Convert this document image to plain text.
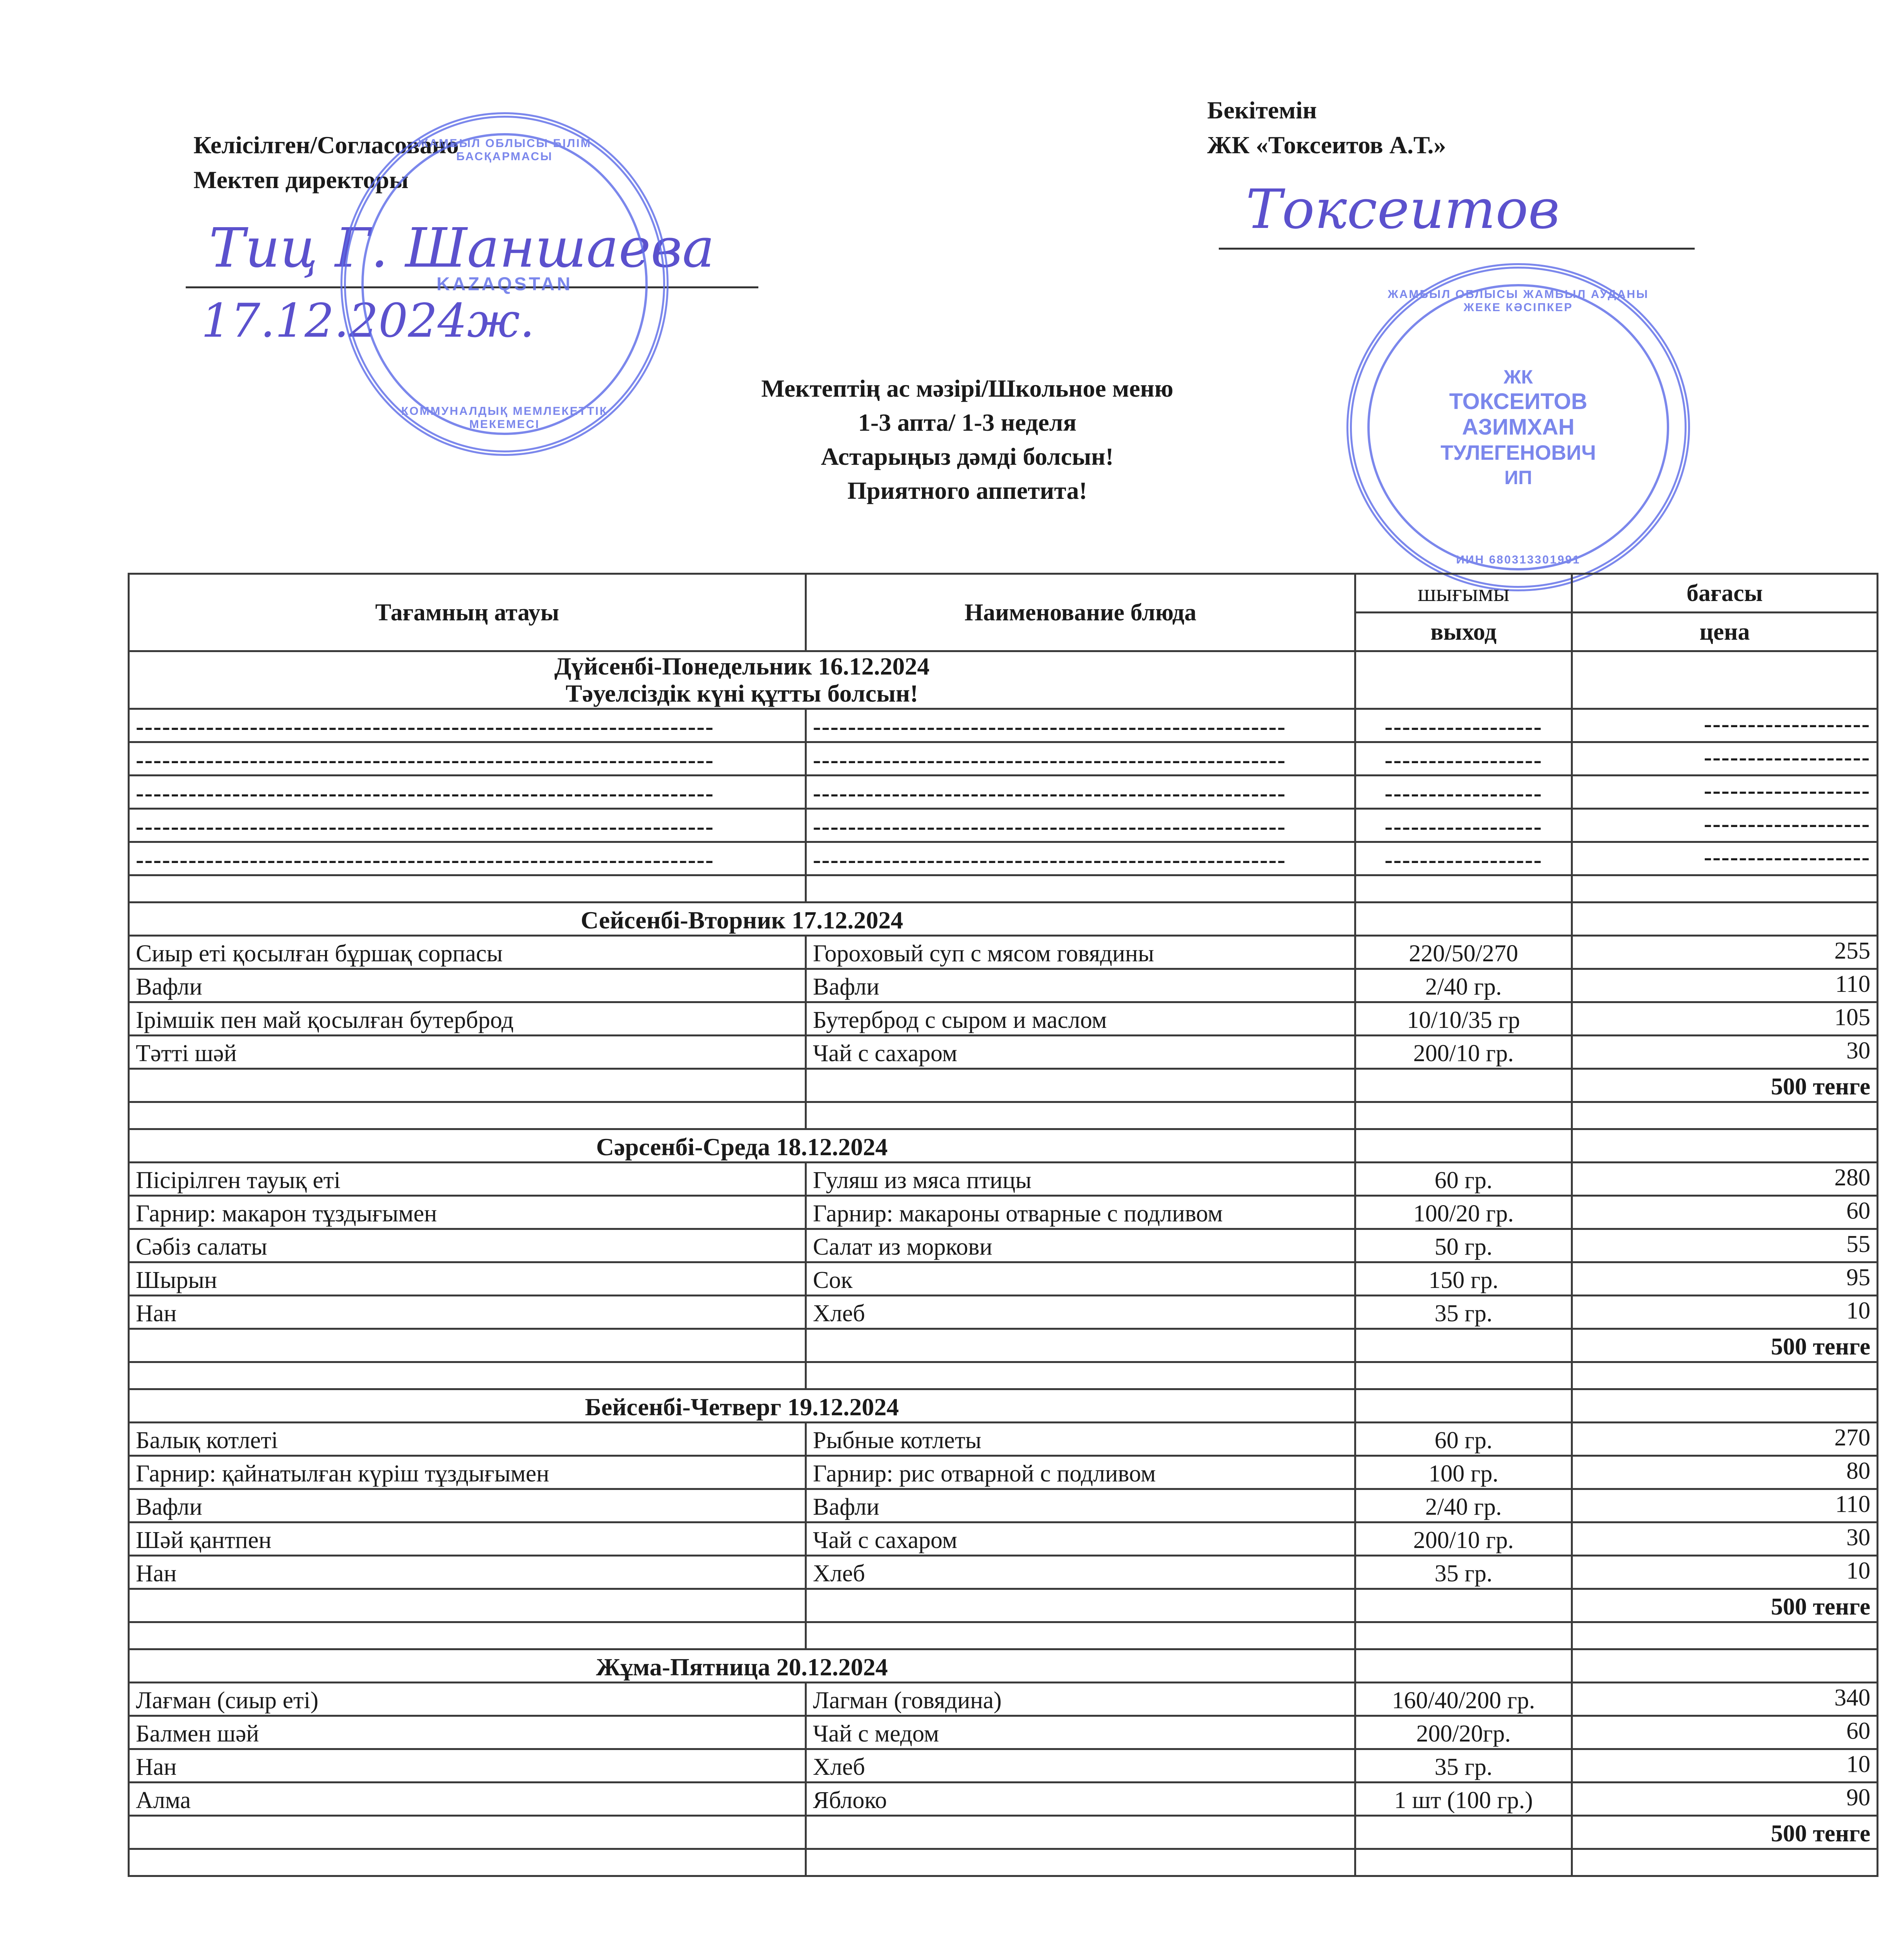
Келісілген/Согласовано
Мектеп директоры
Тиц Г. Шаншаева
17.12.2024ж.
ЖАМБЫЛ ОБЛЫСЫ БІЛІМ БАСҚАРМАСЫ
KAZAQSTAN
КОММУНАЛДЫҚ МЕМЛЕКЕТТІК МЕКЕМЕСІ
Бекітемін
ЖК «Токсеитов А.Т.»
Токсеитов
ЖАМБЫЛ ОБЛЫСЫ ЖАМБЫЛ АУДАНЫ ЖЕКЕ КӘСІПКЕР
ЖК
ТОКСЕИТОВ
АЗИМХАН
ТУЛЕГЕНОВИЧ
ИП
ИИН 680313301991
Мектептің ас мәзірі/Школьное меню
1-3 апта/ 1-3 неделя
Астарыңыз дәмді болсын!
Приятного аппетита!
Тағамның атауы	Наименование блюда	шығымы	бағасы
		выход	цена

Дүйсенбі-Понедельник 16.12.2024
Тәуелсіздік күні құтты болсын!			

------------------------------------------------------------------	------------------------------------------------------	------------------	-------------------
------------------------------------------------------------------	------------------------------------------------------	------------------	-------------------
------------------------------------------------------------------	------------------------------------------------------	------------------	-------------------
------------------------------------------------------------------	------------------------------------------------------	------------------	-------------------
------------------------------------------------------------------	------------------------------------------------------	------------------	-------------------

Сейсенбі-Вторник 17.12.2024			

Сиыр еті қосылған бұршақ сорпасы	Гороховый суп с мясом говядины	220/50/270	255
Вафли	Вафли	2/40 гр.	110
Ірімшік пен май қосылған бутерброд	Бутерброд с сыром и маслом	10/10/35 гр	105
Тәтті шәй	Чай с сахаром	200/10 гр.	30
			500 тенге

Сәрсенбі-Среда 18.12.2024			

Пісірілген тауық еті	Гуляш из мяса птицы	60 гр.	280
Гарнир: макарон тұздығымен	Гарнир: макароны отварные с подливом	100/20 гр.	60
Сәбіз салаты	Салат из моркови	50 гр.	55
Шырын	Сок	150 гр.	95
Нан	Хлеб	35 гр.	10
			500 тенге

Бейсенбі-Четверг 19.12.2024			

Балық котлеті	Рыбные котлеты	60 гр.	270
Гарнир: қайнатылған күріш тұздығымен	Гарнир: рис отварной с подливом	100 гр.	80
Вафли	Вафли	2/40 гр.	110
Шәй қантпен	Чай с сахаром	200/10 гр.	30
Нан	Хлеб	35 гр.	10
			500 тенге

Жұма-Пятница 20.12.2024			

Лағман (сиыр еті)	Лагман (говядина)	160/40/200 гр.	340
Балмен шәй	Чай с медом	200/20гр.	60
Нан	Хлеб	35 гр.	10
Алма	Яблоко	1 шт (100 гр.)	90
			500 тенге
